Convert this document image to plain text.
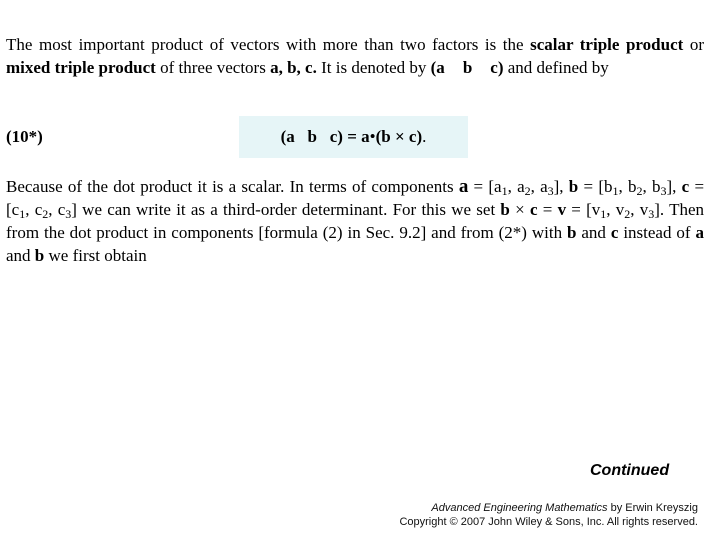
The most important product of vectors with more than two factors is the scalar triple product or mixed triple product of three vectors a, b, c. It is denoted by (a b c) and defined by
(10*)	(a   b   c) = a•(b × c).
Because of the dot product it is a scalar. In terms of components $a = [a_1$, $a_2$, $a_3$], $b = [b_1$, $b_2$, $b_3$], $c = [c_1$, $c_2$, $c_3$] we can write it as a third-order determinant. For this we set $b \times c = v = [v_1$, $v_2$, $v_3$]. Then from the dot product in components [formula (2) in Sec. 9.2] and from (2*) with b and c instead of a and b we first obtain
Continued
Advanced Engineering Mathematics by Erwin Kreyszig
Copyright © 2007 John Wiley & Sons, Inc. All rights reserved.
